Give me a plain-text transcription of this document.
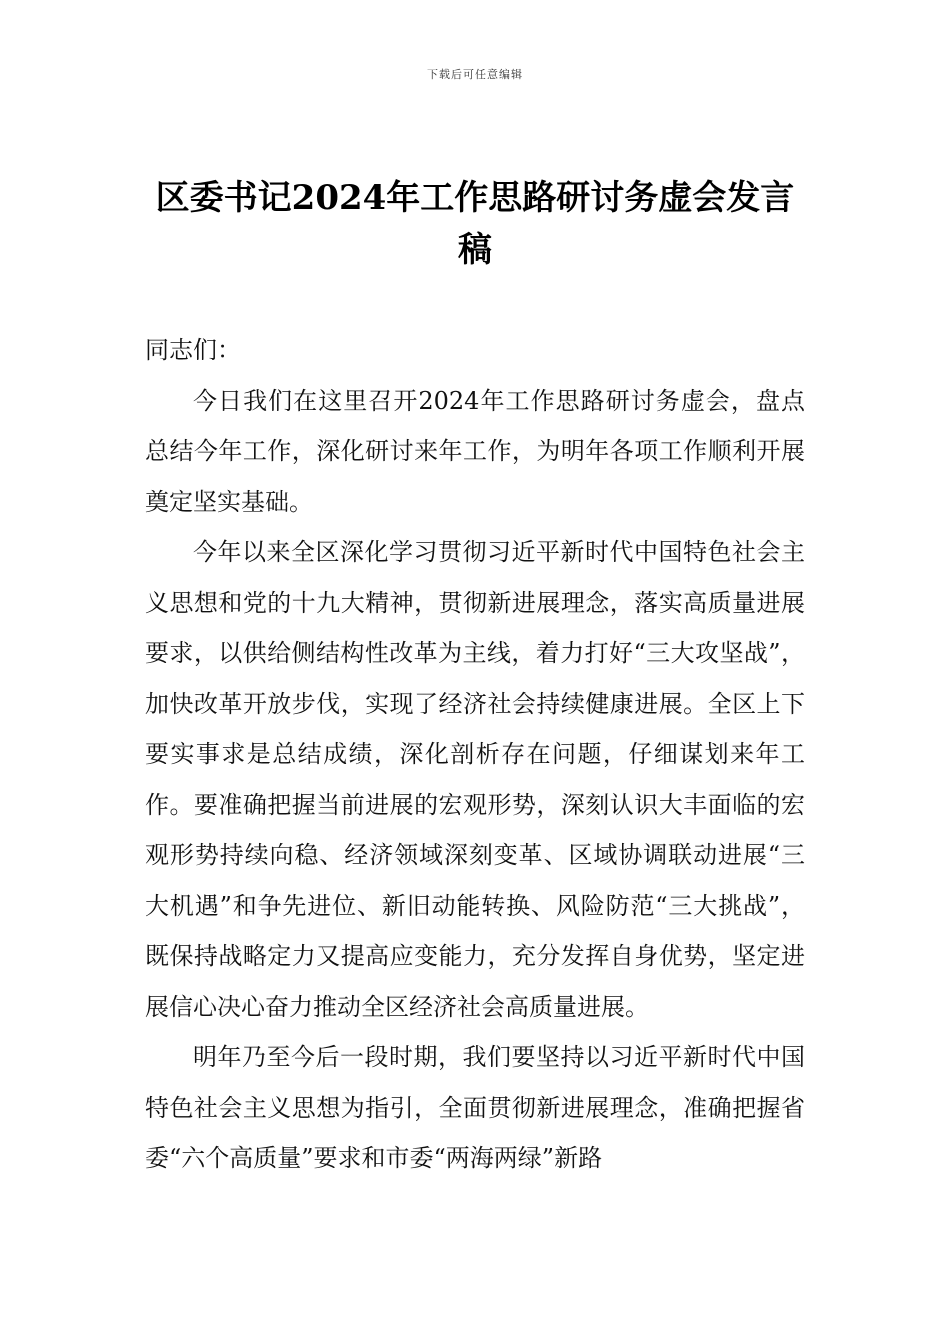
下载后可任意编辑
区委书记2024年工作思路研讨务虚会发言稿

同志们：

今日我们在这里召开2024年工作思路研讨务虚会，盘点总结今年工作，深化研讨来年工作，为明年各项工作顺利开展奠定坚实基础。

今年以来全区深化学习贯彻习近平新时代中国特色社会主义思想和党的十九大精神，贯彻新进展理念，落实高质量进展要求，以供给侧结构性改革为主线，着力打好“三大攻坚战”，加快改革开放步伐，实现了经济社会持续健康进展。全区上下要实事求是总结成绩，深化剖析存在问题，仔细谋划来年工作。要准确把握当前进展的宏观形势，深刻认识大丰面临的宏观形势持续向稳、经济领域深刻变革、区域协调联动进展“三大机遇”和争先进位、新旧动能转换、风险防范“三大挑战”，既保持战略定力又提高应变能力，充分发挥自身优势，坚定进展信心决心奋力推动全区经济社会高质量进展。

明年乃至今后一段时期，我们要坚持以习近平新时代中国特色社会主义思想为指引，全面贯彻新进展理念，准确把握省委“六个高质量”要求和市委“两海两绿”新路
